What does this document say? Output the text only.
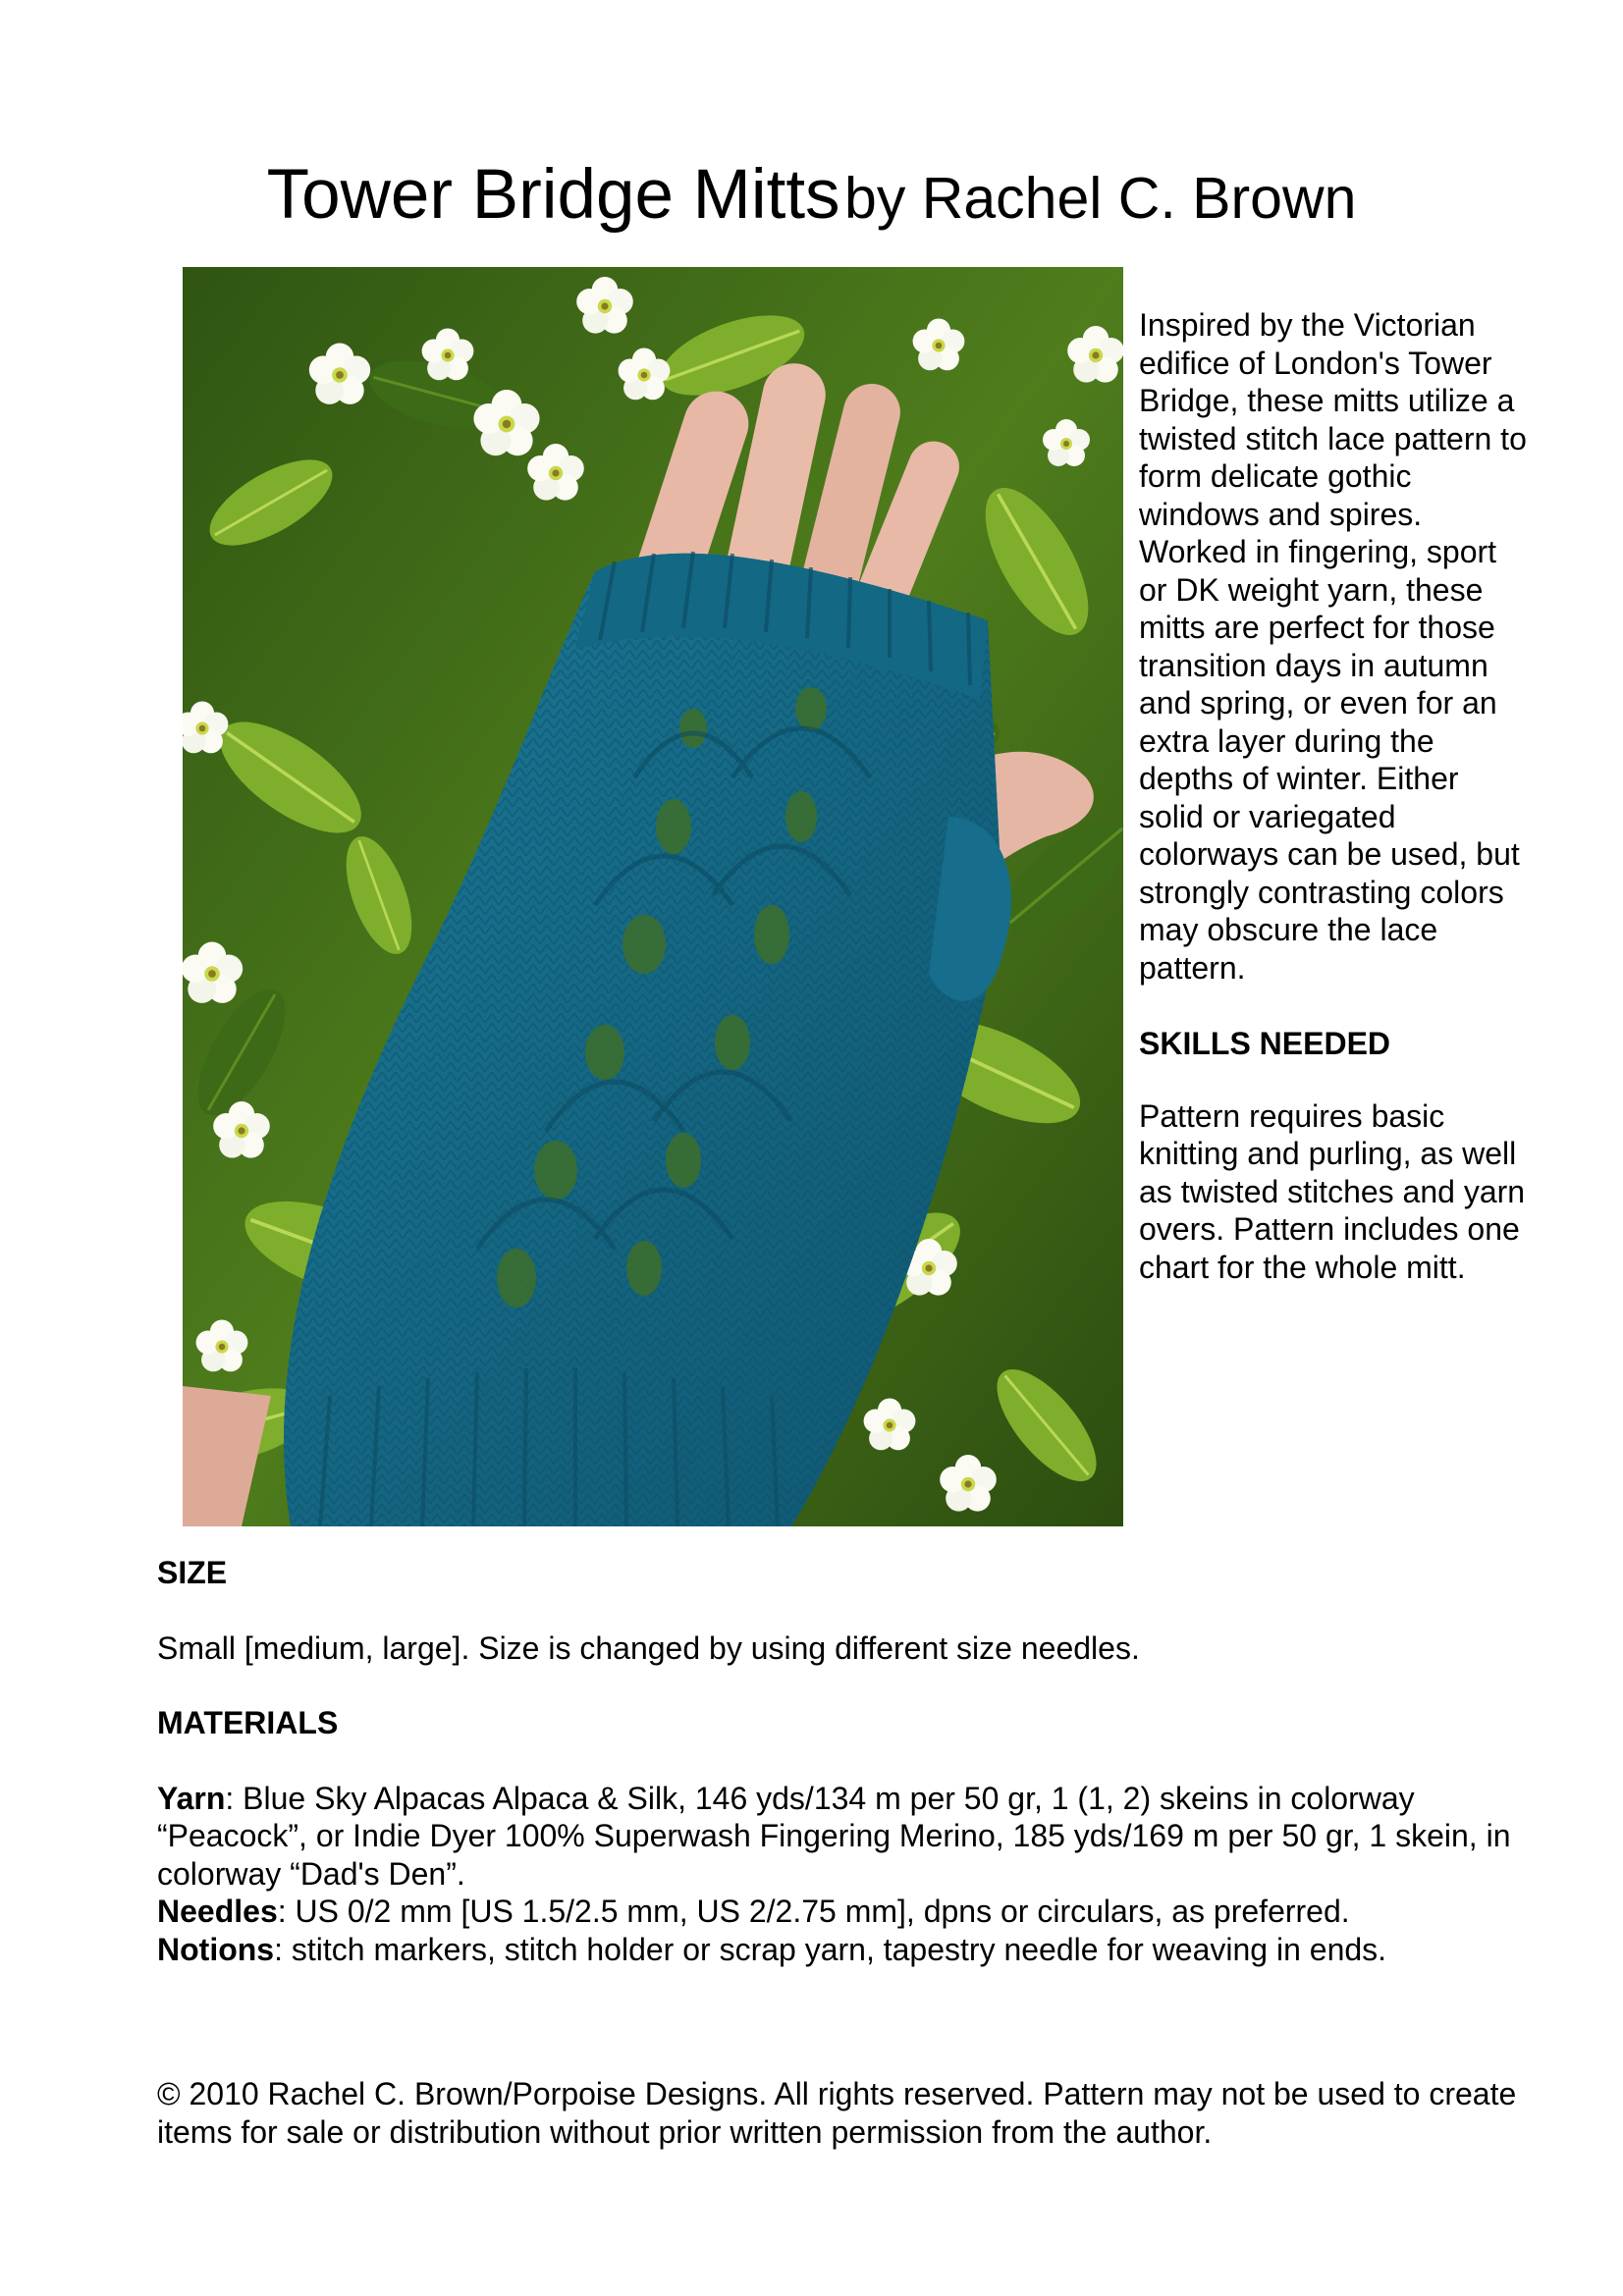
Tower Bridge Mitts by Rachel C. Brown

Inspired by the Victorian edifice of London's Tower Bridge, these mitts utilize a twisted stitch lace pattern to form delicate gothic windows and spires. Worked in fingering, sport or DK weight yarn, these mitts are perfect for those transition days in autumn and spring, or even for an extra layer during the depths of winter. Either solid or variegated colorways can be used, but strongly contrasting colors may obscure the lace pattern.

SKILLS NEEDED

Pattern requires basic knitting and purling, as well as twisted stitches and yarn overs. Pattern includes one chart for the whole mitt.

SIZE

Small [medium, large]. Size is changed by using different size needles.

MATERIALS

Yarn: Blue Sky Alpacas Alpaca & Silk, 146 yds/134 m per 50 gr, 1 (1, 2) skeins in colorway “Peacock”, or Indie Dyer 100% Superwash Fingering Merino, 185 yds/169 m per 50 gr, 1 skein, in colorway “Dad's Den”.

Needles: US 0/2 mm [US 1.5/2.5 mm, US 2/2.75 mm], dpns or circulars, as preferred.

Notions: stitch markers, stitch holder or scrap yarn, tapestry needle for weaving in ends.

© 2010 Rachel C. Brown/Porpoise Designs. All rights reserved. Pattern may not be used to create items for sale or distribution without prior written permission from the author.
